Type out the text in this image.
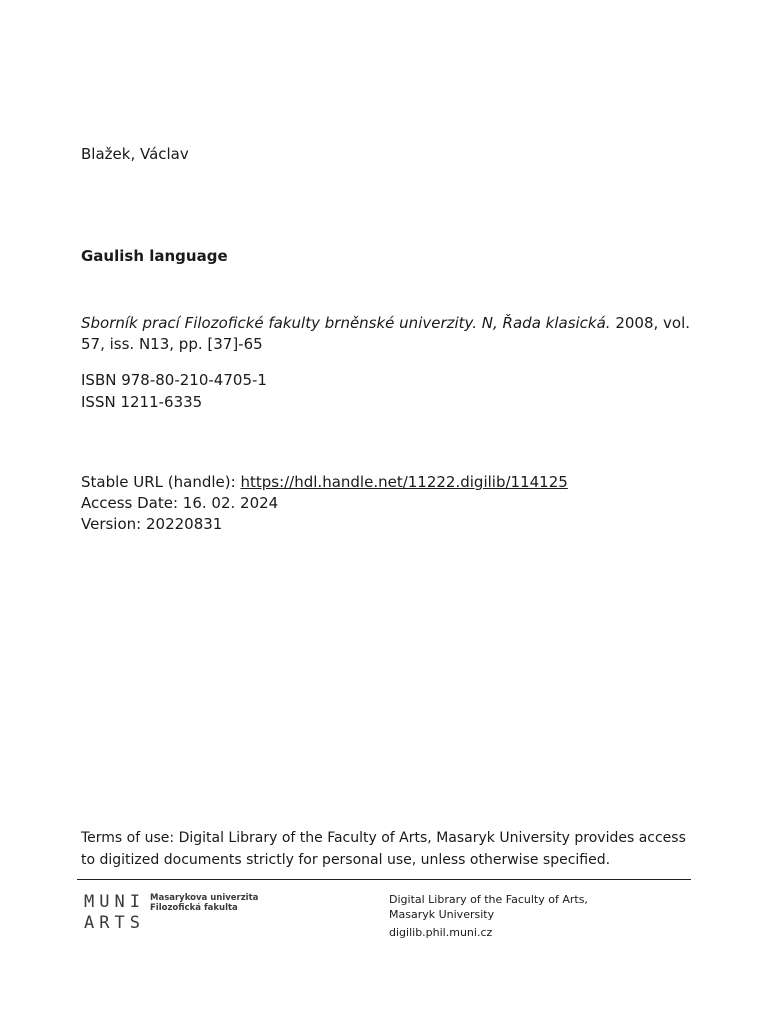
Blažek, Václav
Gaulish language
Sborník prací Filozofické fakulty brněnské univerzity. N, Řada klasická. 2008, vol. 57, iss. N13, pp. [37]-65
ISBN 978-80-210-4705-1
ISSN 1211-6335
Stable URL (handle): https://hdl.handle.net/11222.digilib/114125
Access Date: 16. 02. 2024
Version: 20220831
Terms of use: Digital Library of the Faculty of Arts, Masaryk University provides access to digitized documents strictly for personal use, unless otherwise specified.
MUNI
ARTS
Masarykova univerzita
Filozofická fakulta
Digital Library of the Faculty of Arts,
Masaryk University
digilib.phil.muni.cz
